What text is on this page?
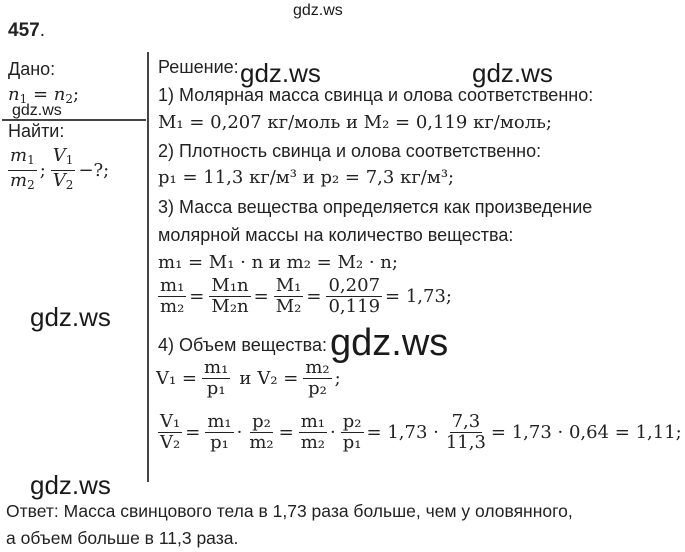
gdz.ws
gdz.ws
gdz.ws	gdz.ws
gdz.ws
gdz.ws
gdz.ws
457.
Дано:
$n_1 = n_2$;
Найти:
$\frac{m_1}{m_2}$ ; $\frac{V_1}{V_2}$ −?;
Решение:
1) Молярная масса свинца и олова соответственно:
M₁ = 0,207 кг/моль и M₂ = 0,119 кг/моль;
2) Плотность свинца и олова соответственно:
p₁ = 11,3 кг/м³ и p₂ = 7,3 кг/м³;
3) Масса вещества определяется как произведение
молярной массы на количество вещества:
m₁ = M₁ · n и m₂ = M₂ · n;
$\frac{\text{m₁}}{\text{m₂}} = \frac{\text{M₁n}}{\text{M₂n}} = \frac{\text{M₁}}{\text{M₂}} = \frac{0,207}{0,119} = 1,73$;
4) Объем вещества:
$V_1 = \frac{\text{m₁}}{\text{p₁}}$ и $V_2 = \frac{\text{m₂}}{\text{p₂}}$ ;
$\frac{\text{V₁}}{\text{V₂}} = \frac{\text{m₁}}{\text{p₁}} \cdot \frac{\text{p₂}}{\text{m₂}} = \frac{\text{m₁}}{\text{m₂}} \cdot \frac{\text{p₂}}{\text{p₁}} = 1,73 \cdot \frac{7,3}{11,3} = 1,73 \cdot 0,64 = 1,11$;
Ответ: Масса свинцового тела в 1,73 раза больше, чем у оловянного,
а объем больше в 11,3 раза.
